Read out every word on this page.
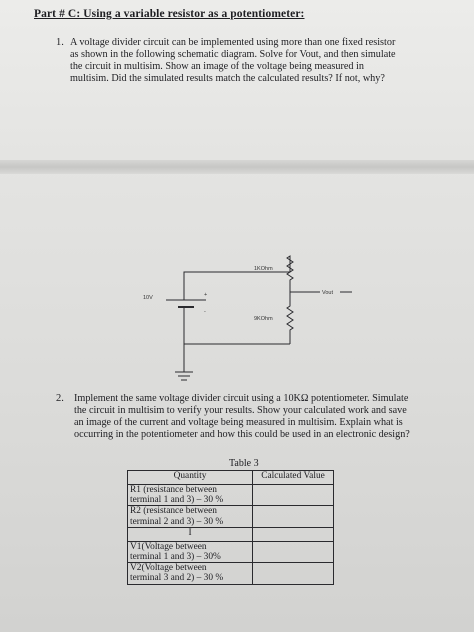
Part # C: Using a variable resistor as a potentiometer:
1. A voltage divider circuit can be implemented using more than one fixed resistor
as shown in the following schematic diagram. Solve for Vout, and then simulate
the circuit in multisim. Show an image of the voltage being measured in
multisim. Did the simulated results match the calculated results? If not, why?
10V	+
-
1KOhm
9KOhm
Vout
2. Implement the same voltage divider circuit using a 10KΩ potentiometer. Simulate
the circuit in multisim to verify your results. Show your calculated work and save
an image of the current and voltage being measured in multisim. Explain what is
occurring in the potentiometer and how this could be used in an electronic design?
Table 3
Quantity	Calculated Value

R1 (resistance between
terminal 1 and 3) – 30 %	

R2 (resistance between
terminal 2 and 3) – 30 %	

I	

V1(Voltage between
terminal 1 and 3) – 30%	

V2(Voltage between
terminal 3 and 2) – 30 %	
